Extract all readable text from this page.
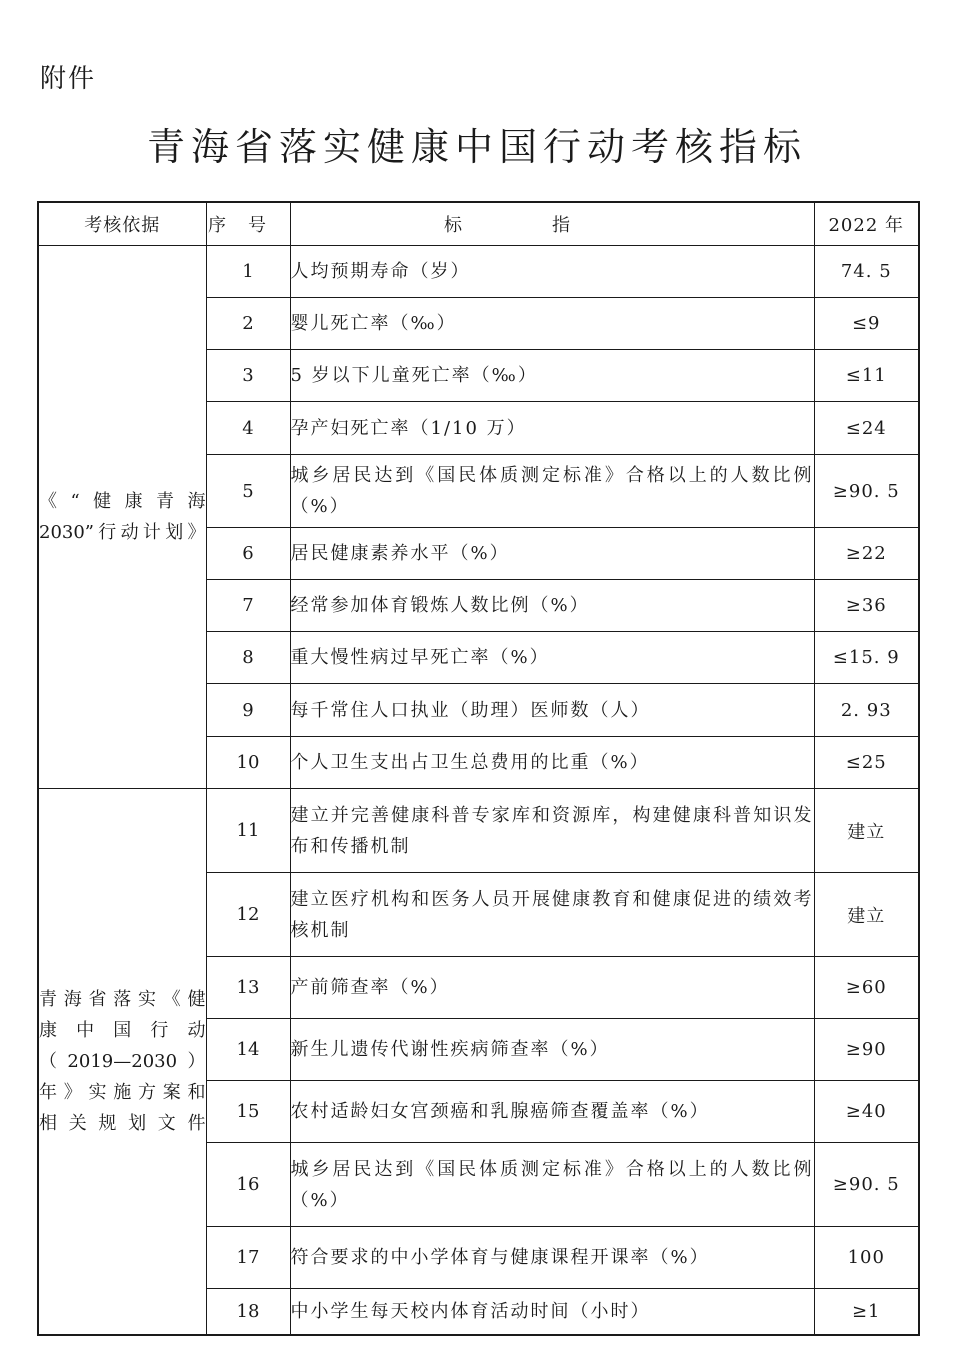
附件
青海省落实健康中国行动考核指标
考核依据	序号	标指	2022 年

《“健康青海
2030”行动计划》	1	人均预期寿命（岁）	74. 5
	2	婴儿死亡率（‰）	≤9
	3	5 岁以下儿童死亡率（‰）	≤11
	4	孕产妇死亡率（1/10 万）	≤24
	5	城乡居民达到《国民体质测定标准》合格以上的人数比例（%）	≥90. 5
	6	居民健康素养水平（%）	≥22
	7	经常参加体育锻炼人数比例（%）	≥36
	8	重大慢性病过早死亡率（%）	≤15. 9
	9	每千常住人口执业（助理）医师数（人）	2. 93
	10	个人卫生支出占卫生总费用的比重（%）	≤25

青海省落实《健
康中国行动
（2019—2030）
年》实施方案和
相关规划文件	11	建立并完善健康科普专家库和资源库，构建健康科普知识发布和传播机制	建立
	12	建立医疗机构和医务人员开展健康教育和健康促进的绩效考核机制	建立
	13	产前筛查率（%）	≥60
	14	新生儿遗传代谢性疾病筛查率（%）	≥90
	15	农村适龄妇女宫颈癌和乳腺癌筛查覆盖率（%）	≥40
	16	城乡居民达到《国民体质测定标准》合格以上的人数比例（%）	≥90. 5
	17	符合要求的中小学体育与健康课程开课率（%）	100
	18	中小学生每天校内体育活动时间（小时）	≥1
